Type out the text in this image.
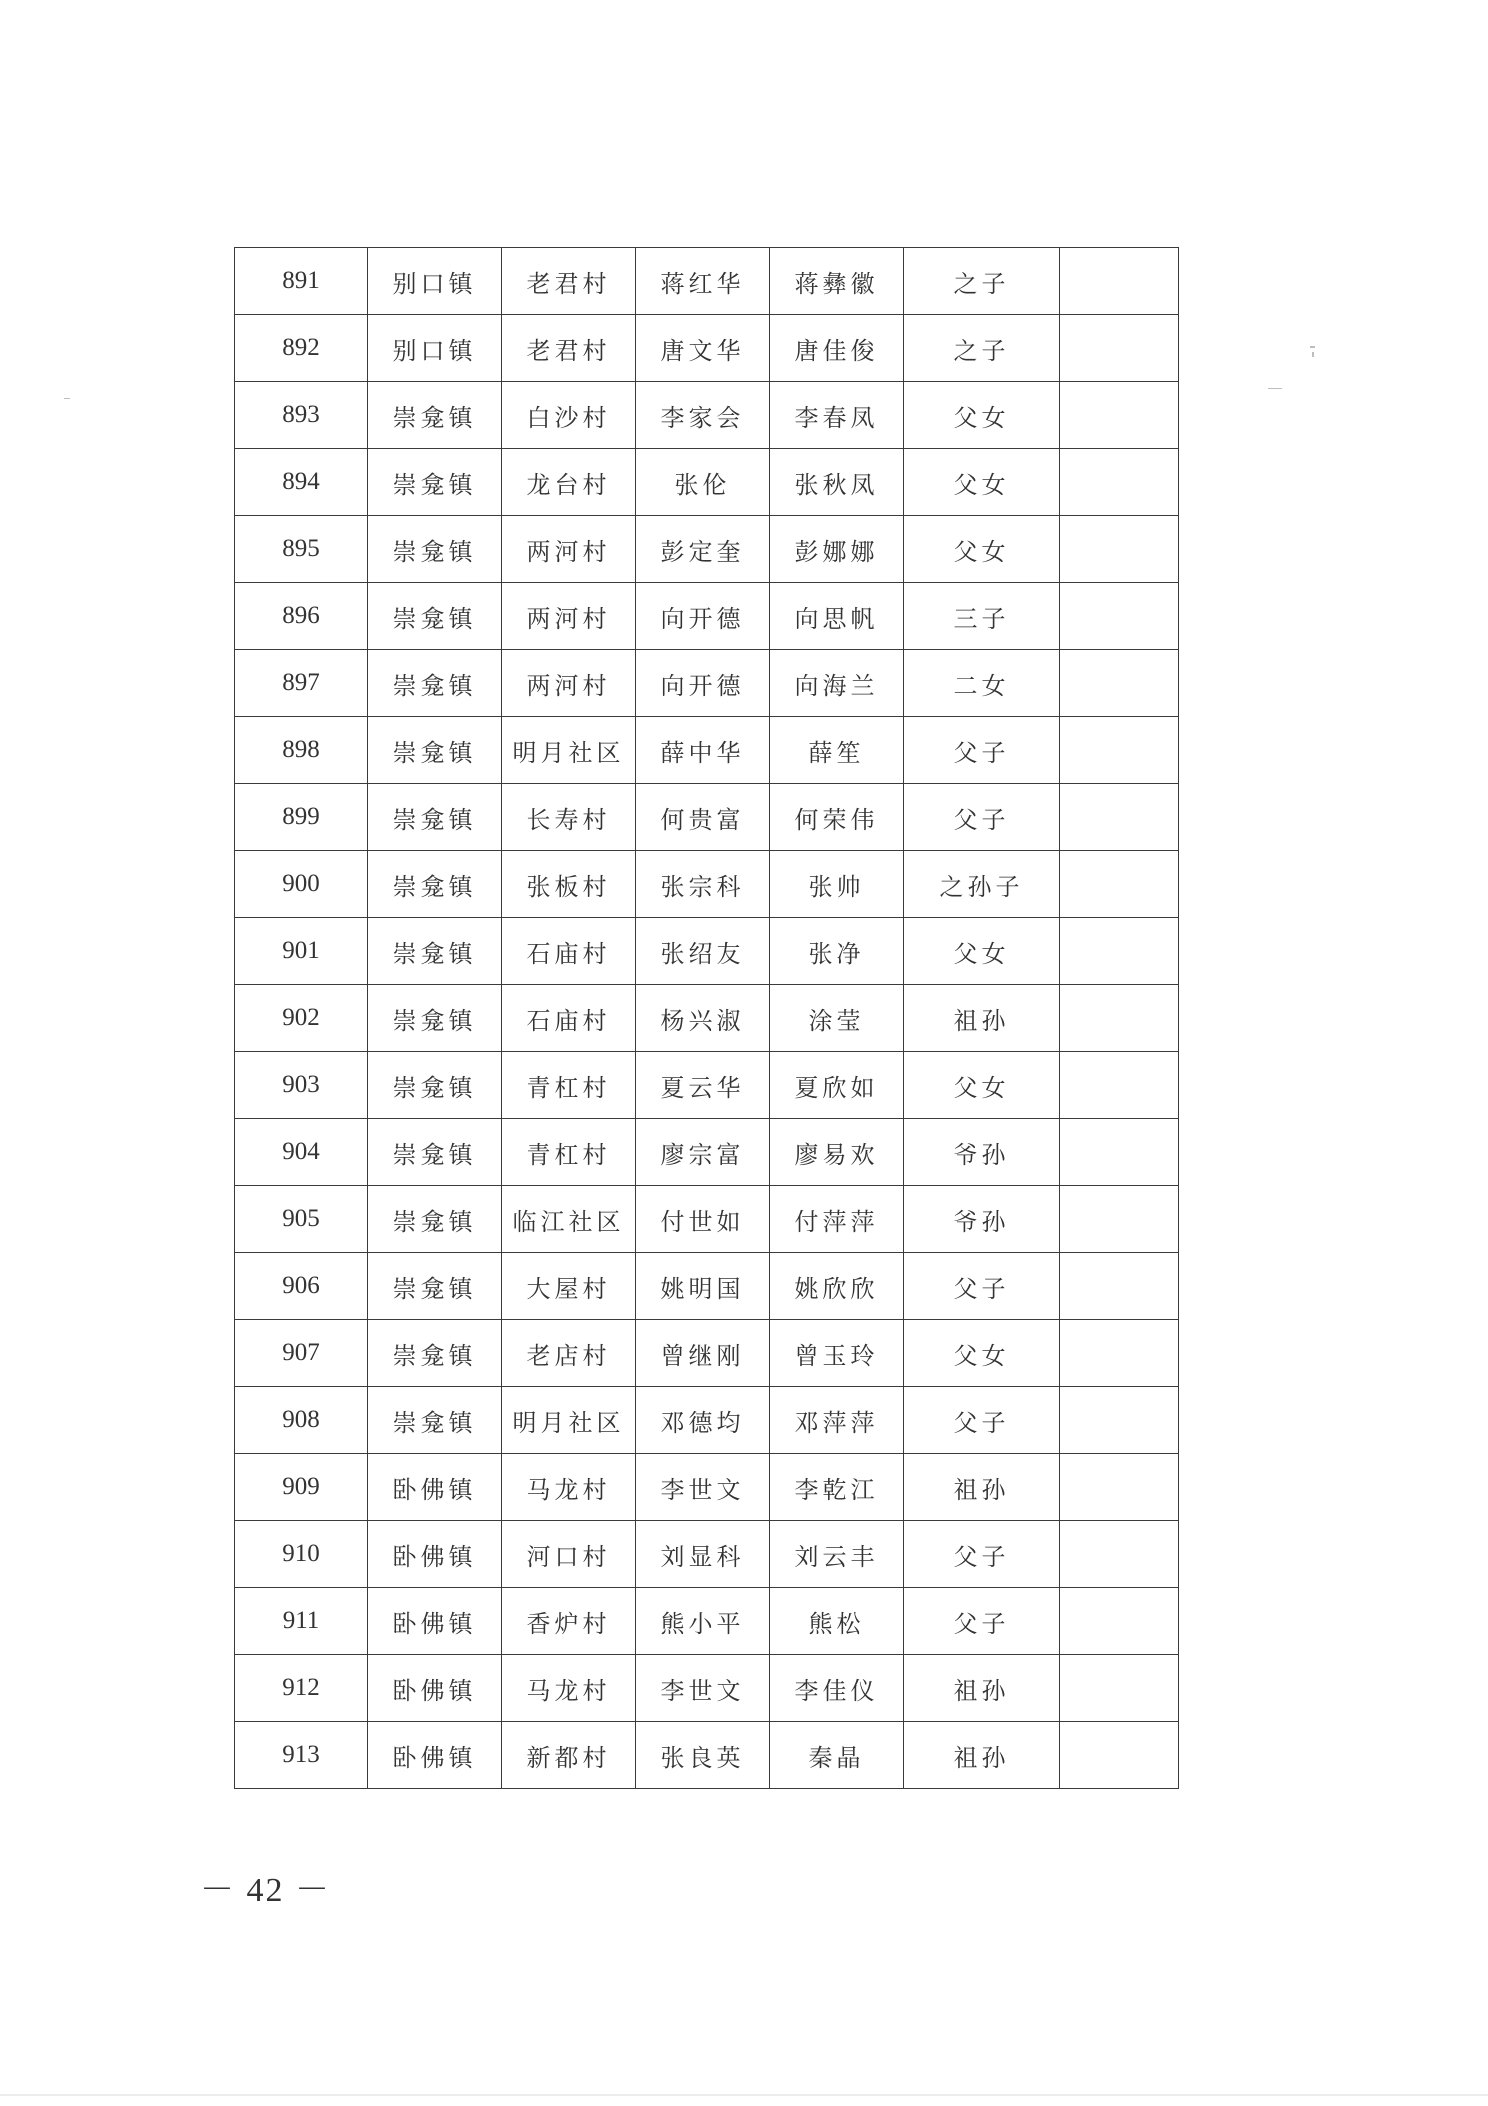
891	别口镇	老君村	蒋红华	蒋彝徽	之子	
892	别口镇	老君村	唐文华	唐佳俊	之子	
893	崇龛镇	白沙村	李家会	李春凤	父女	
894	崇龛镇	龙台村	张伦	张秋凤	父女	
895	崇龛镇	两河村	彭定奎	彭娜娜	父女	
896	崇龛镇	两河村	向开德	向思帆	三子	
897	崇龛镇	两河村	向开德	向海兰	二女	
898	崇龛镇	明月社区	薛中华	薛笙	父子	
899	崇龛镇	长寿村	何贵富	何荣伟	父子	
900	崇龛镇	张板村	张宗科	张帅	之孙子	
901	崇龛镇	石庙村	张绍友	张净	父女	
902	崇龛镇	石庙村	杨兴淑	涂莹	祖孙	
903	崇龛镇	青杠村	夏云华	夏欣如	父女	
904	崇龛镇	青杠村	廖宗富	廖易欢	爷孙	
905	崇龛镇	临江社区	付世如	付萍萍	爷孙	
906	崇龛镇	大屋村	姚明国	姚欣欣	父子	
907	崇龛镇	老店村	曾继刚	曾玉玲	父女	
908	崇龛镇	明月社区	邓德均	邓萍萍	父子	
909	卧佛镇	马龙村	李世文	李乾江	祖孙	
910	卧佛镇	河口村	刘显科	刘云丰	父子	
911	卧佛镇	香炉村	熊小平	熊松	父子	
912	卧佛镇	马龙村	李世文	李佳仪	祖孙	
913	卧佛镇	新都村	张良英	秦晶	祖孙	
－ 42 －
